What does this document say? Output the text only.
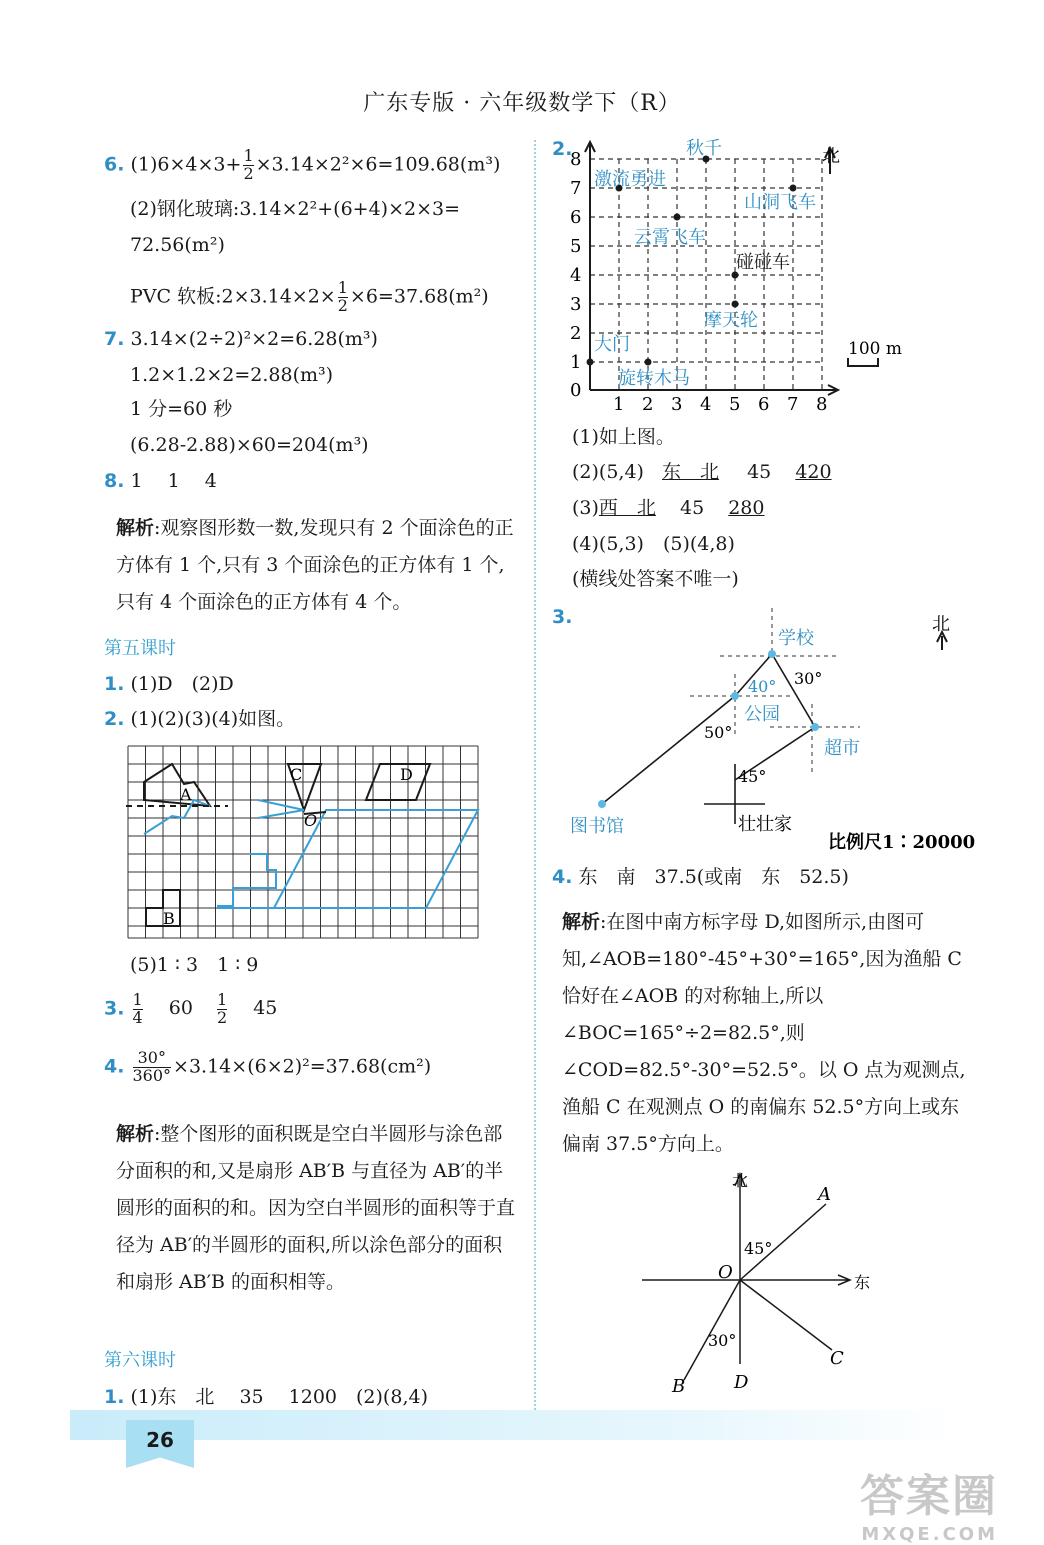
广东专版 · 六年级数学下（R）
6. $(1)6\times 4\times 3+ \frac{1}{2} \times 3.14\times 2^2\times 6=109.68(m^3)$
(2)钢化玻璃:3.14×2²+(6+4)×2×3=
72.56(m²)
PVC 软板:2×3.14×2× $\frac{1}{2} \times 6=37.68(m^2)$
7. 3.14×(2÷2)²×2=6.28(m³)
1.2×1.2×2=2.88(m³)
1 分=60 秒
(6.28-2.88)×60=204(m³)
8. 1　 1　 4
解析:观察图形数一数,发现只有 2 个面涂色的正方体有 1 个,只有 3 个面涂色的正方体有 1 个,只有 4 个面涂色的正方体有 4 个。
第五课时
1. (1)D　(2)D
2. (1)(2)(3)(4)如图。
A
B
C	D
O
(5)1 ∶ 3　1 ∶ 9
3. $\frac{1}{4} 60 \frac{1}{2} 45$
4. $\frac{30^\circ}{360^\circ} \times 3.14\times(6\times 2)^2=37.68(cm^2)$
解析:整个图形的面积既是空白半圆形与涂色部分面积的和,又是扇形 AB′B 与直径为 AB′的半圆形的面积的和。因为空白半圆形的面积等于直径为 AB′的半圆形的面积,所以涂色部分的面积和扇形 AB′B 的面积相等。
第六课时
1. (1)东　北　 35　 1200　(2)(8,4)
2.	北
100 m
0
1
2
3
4
5
6
7
8
1 2 3 4 5 6 7 8
秋千
激流勇进
山洞飞车
云霄飞车
碰碰车
摩天轮
大门
旋转木马
(1)如上图。
(2)(5,4) 东　北 45 420
(3)西　北 45 280
(4)(5,3)　(5)(4,8)
(横线处答案不唯一)
3.	北
学校
公园
超市
图书馆	壮壮家
40° 30°
50°
45°
比例尺1∶20000
4. 东　南　37.5(或南　东　52.5)
解析:在图中南方标字母 D,如图所示,由图可知,∠AOB=180°-45°+30°=165°,因为渔船 C 恰好在∠AOB 的对称轴上,所以∠BOC=165°÷2=82.5°,则∠COD=82.5°-30°=52.5°。以 O 点为观测点,渔船 C 在观测点 O 的南偏东 52.5°方向上或东偏南 37.5°方向上。
北
东
A
B
C
D
O
45°
30°
26
答案圈
MXQE.COM
